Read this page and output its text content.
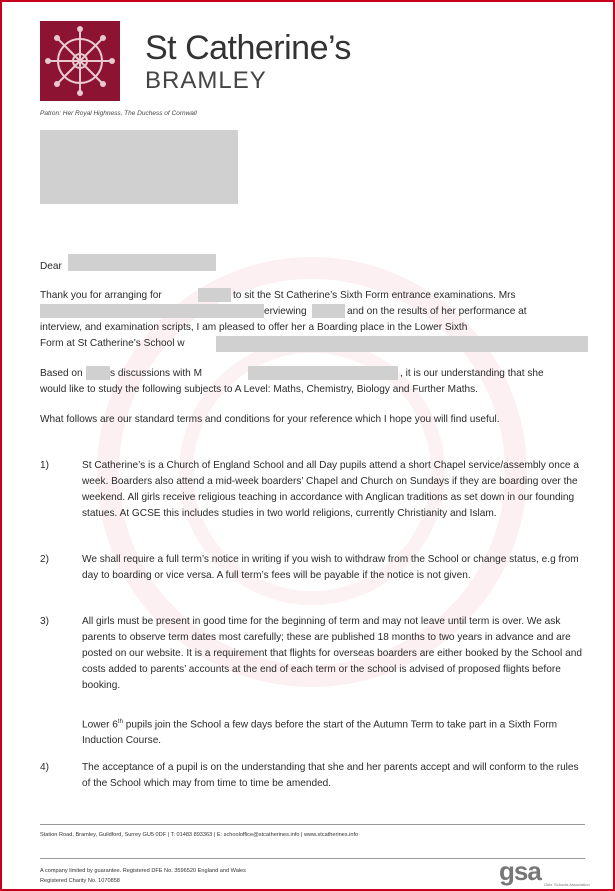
St Catherine’s
BRAMLEY
Patron: Her Royal Highness, The Duchess of Cornwall
Dear
Thank you for arranging for	to sit the St Catherine’s Sixth Form entrance examinations. Mrs
erviewing	and on the results of her performance at
interview, and examination scripts, I am pleased to offer her a Boarding place in the Lower Sixth
Form at St Catherine’s School w
Based on	s discussions with M	, it is our understanding that she
would like to study the following subjects to A Level: Maths, Chemistry, Biology and Further Maths.
What follows are our standard terms and conditions for your reference which I hope you will find useful.
1)	St Catherine’s is a Church of England School and all Day pupils attend a short Chapel service/assembly once a week. Boarders also attend a mid-week boarders’ Chapel and Church on Sundays if they are boarding over the weekend. All girls receive religious teaching in accordance with Anglican traditions as set down in our founding statues. At GCSE this includes studies in two world religions, currently Christianity and Islam.
2)	We shall require a full term’s notice in writing if you wish to withdraw from the School or change status, e.g from day to boarding or vice versa. A full term’s fees will be payable if the notice is not given.
3)	All girls must be present in good time for the beginning of term and may not leave until term is over. We ask parents to observe term dates most carefully; these are published 18 months to two years in advance and are posted on our website. It is a requirement that flights for overseas boarders are either booked by the School and costs added to parents’ accounts at the end of each term or the school is advised of proposed flights before booking.
Lower 6th pupils join the School a few days before the start of the Autumn Term to take part in a Sixth Form Induction Course.
4)	The acceptance of a pupil is on the understanding that she and her parents accept and will conform to the rules of the School which may from time to time be amended.
Station Road, Bramley, Guildford, Surrey GU5 0DF | T: 01483 893363 | E: schooloffice@stcatherines.info | www.stcatherines.info
A company limited by guarantee. Registered DFE No. 3596520 England and Wales
Registered Charity No. 1070858	gsa Girls' Schools Association
